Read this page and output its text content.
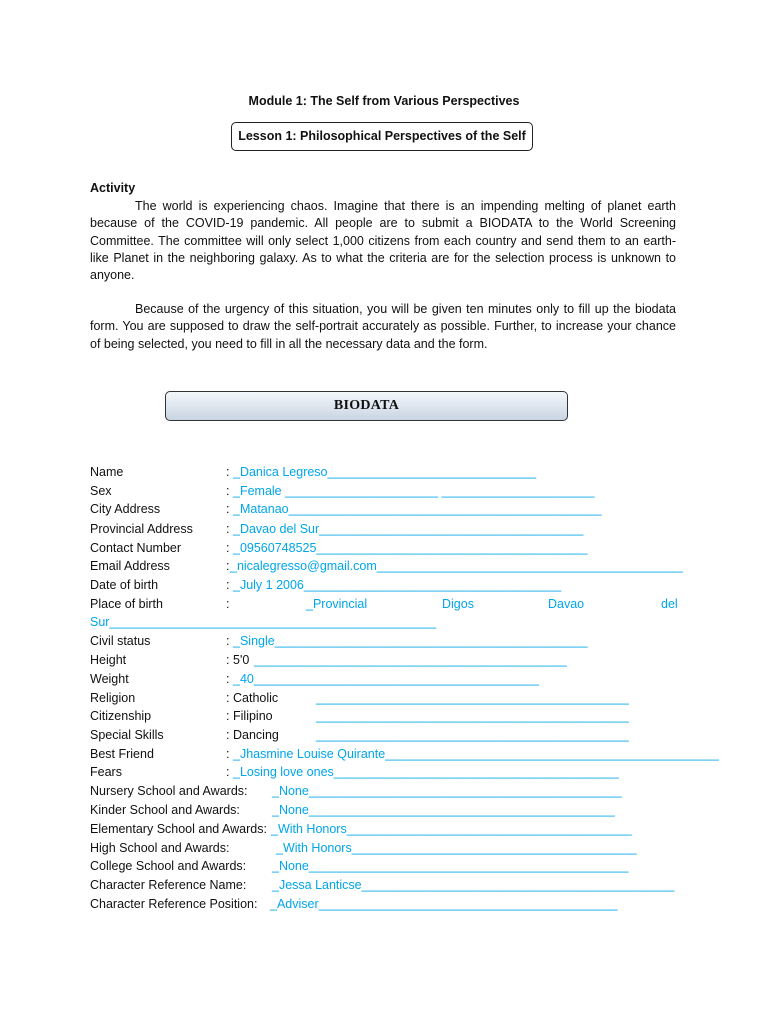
Module 1: The Self from Various Perspectives
Lesson 1: Philosophical Perspectives of the Self
Activity
The world is experiencing chaos. Imagine that there is an impending melting of planet earth because of the COVID-19 pandemic. All people are to submit a BIODATA to the World Screening Committee. The committee will only select 1,000 citizens from each country and send them to an earth-like Planet in the neighboring galaxy. As to what the criteria are for the selection process is unknown to anyone.
Because of the urgency of this situation, you will be given ten minutes only to fill up the biodata form. You are supposed to draw the self-portrait accurately as possible. Further, to increase your chance of being selected, you need to fill in all the necessary data and the form.
BIODATA
Name	: _Danica Legreso______________________________
Sex	: _Female ______________________ ______________________
City Address	: _Matanao_____________________________________________
Provincial Address	: _Davao del Sur______________________________________
Contact Number	: _09560748525_______________________________________
Email Address	: _nicalegresso@gmail.com____________________________________________
Date of birth	: _July 1 2006_____________________________________
Place of birth	:	_Provincial	Digos	Davao	del
Sur_______________________________________________
Civil status	: _Single_____________________________________________
Height	: 5'0 _____________________________________________
Weight	: _40_________________________________________
Religion	: Catholic	_____________________________________________
Citizenship	: Filipino	_____________________________________________
Special Skills	: Dancing	_____________________________________________
Best Friend	: _Jhasmine Louise Quirante________________________________________________
Fears	: _Losing love ones_________________________________________
Nursery School and Awards: _None_____________________________________________
Kinder School and Awards:	_None____________________________________________
Elementary School and Awards: _With Honors_________________________________________
High School and Awards:	_With Honors_________________________________________
College School and Awards: _None______________________________________________
Character Reference Name: _Jessa Lanticse_____________________________________________
Character Reference Position: _Adviser___________________________________________
